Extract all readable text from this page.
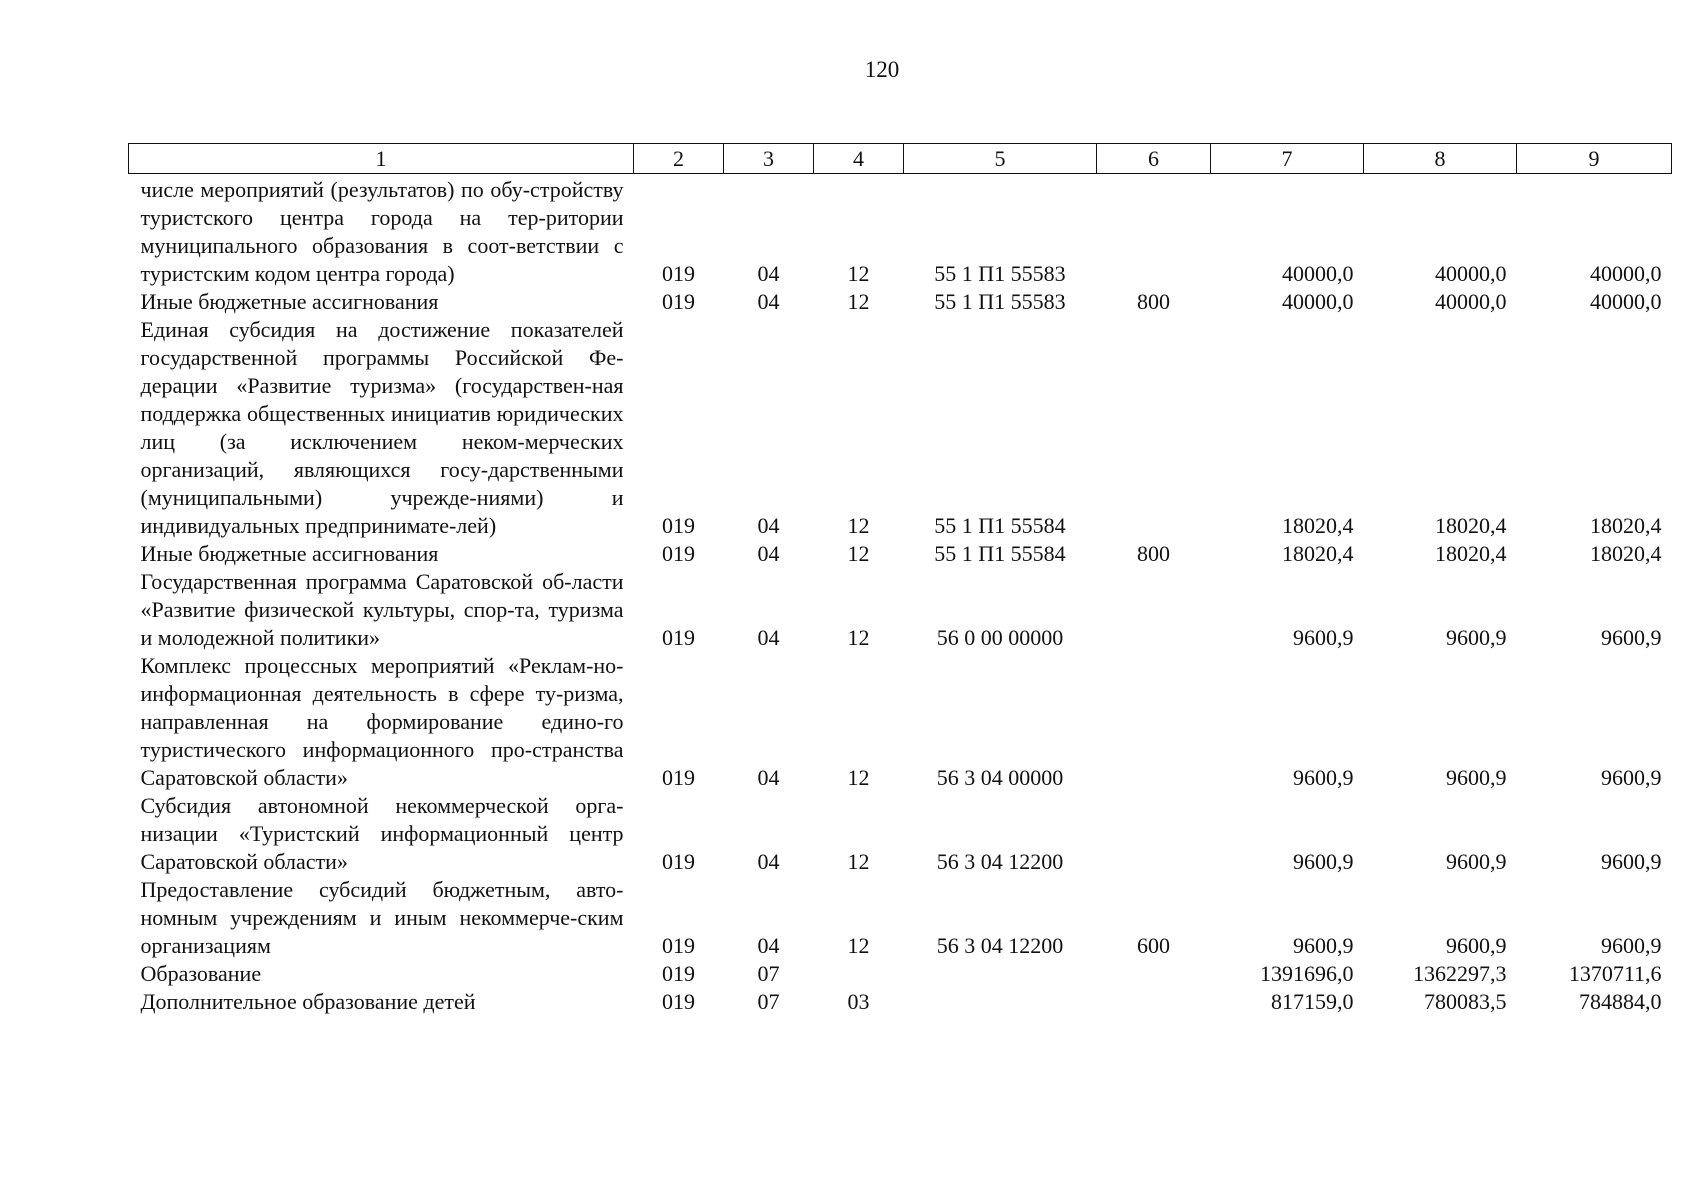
120
1	2	3	4	5	6	7	8	9
числе мероприятий (результатов) по обу-стройству туристского центра города на тер-ритории муниципального образования в соот-ветствии с туристским кодом центра города)	019	04	12	55 1 П1 55583		40000,0	40000,0	40000,0
Иные бюджетные ассигнования	019	04	12	55 1 П1 55583	800	40000,0	40000,0	40000,0
Единая субсидия на достижение показателей государственной программы Российской Фе-дерации «Развитие туризма» (государствен-ная поддержка общественных инициатив юридических лиц (за исключением неком-мерческих организаций, являющихся госу-дарственными (муниципальными) учрежде-ниями) и индивидуальных предпринимате-лей)	019	04	12	55 1 П1 55584		18020,4	18020,4	18020,4
Иные бюджетные ассигнования	019	04	12	55 1 П1 55584	800	18020,4	18020,4	18020,4
Государственная программа Саратовской об-ласти «Развитие физической культуры, спор-та, туризма и молодежной политики»	019	04	12	56 0 00 00000		9600,9	9600,9	9600,9
Комплекс процессных мероприятий «Реклам-но-информационная деятельность в сфере ту-ризма, направленная на формирование едино-го туристического информационного про-странства Саратовской области»	019	04	12	56 3 04 00000		9600,9	9600,9	9600,9
Субсидия автономной некоммерческой орга-низации «Туристский информационный центр Саратовской области»	019	04	12	56 3 04 12200		9600,9	9600,9	9600,9
Предоставление субсидий бюджетным, авто-номным учреждениям и иным некоммерче-ским организациям	019	04	12	56 3 04 12200	600	9600,9	9600,9	9600,9
Образование	019	07				1391696,0	1362297,3	1370711,6
Дополнительное образование детей	019	07	03			817159,0	780083,5	784884,0
